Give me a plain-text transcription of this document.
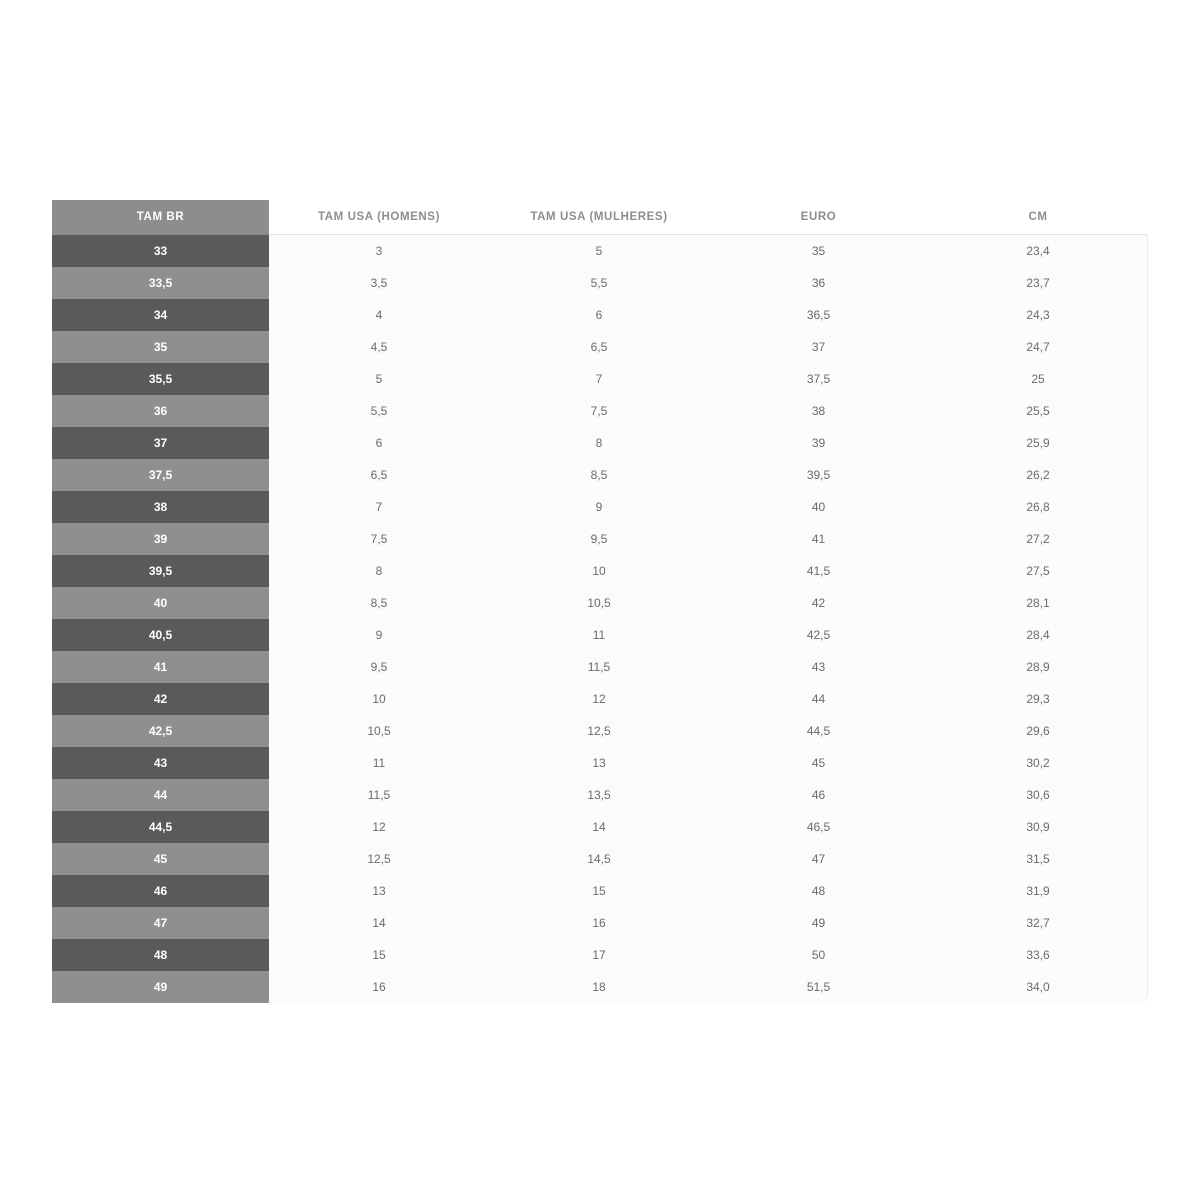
TAM BR	TAM USA (HOMENS)	TAM USA (MULHERES)	EURO	CM
33	3	5	35	23,4
33,5	3,5	5,5	36	23,7
34	4	6	36,5	24,3
35	4,5	6,5	37	24,7
35,5	5	7	37,5	25
36	5,5	7,5	38	25,5
37	6	8	39	25,9
37,5	6,5	8,5	39,5	26,2
38	7	9	40	26,8
39	7,5	9,5	41	27,2
39,5	8	10	41,5	27,5
40	8,5	10,5	42	28,1
40,5	9	11	42,5	28,4
41	9,5	11,5	43	28,9
42	10	12	44	29,3
42,5	10,5	12,5	44,5	29,6
43	11	13	45	30,2
44	11,5	13,5	46	30,6
44,5	12	14	46,5	30,9
45	12,5	14,5	47	31,5
46	13	15	48	31,9
47	14	16	49	32,7
48	15	17	50	33,6
49	16	18	51,5	34,0
